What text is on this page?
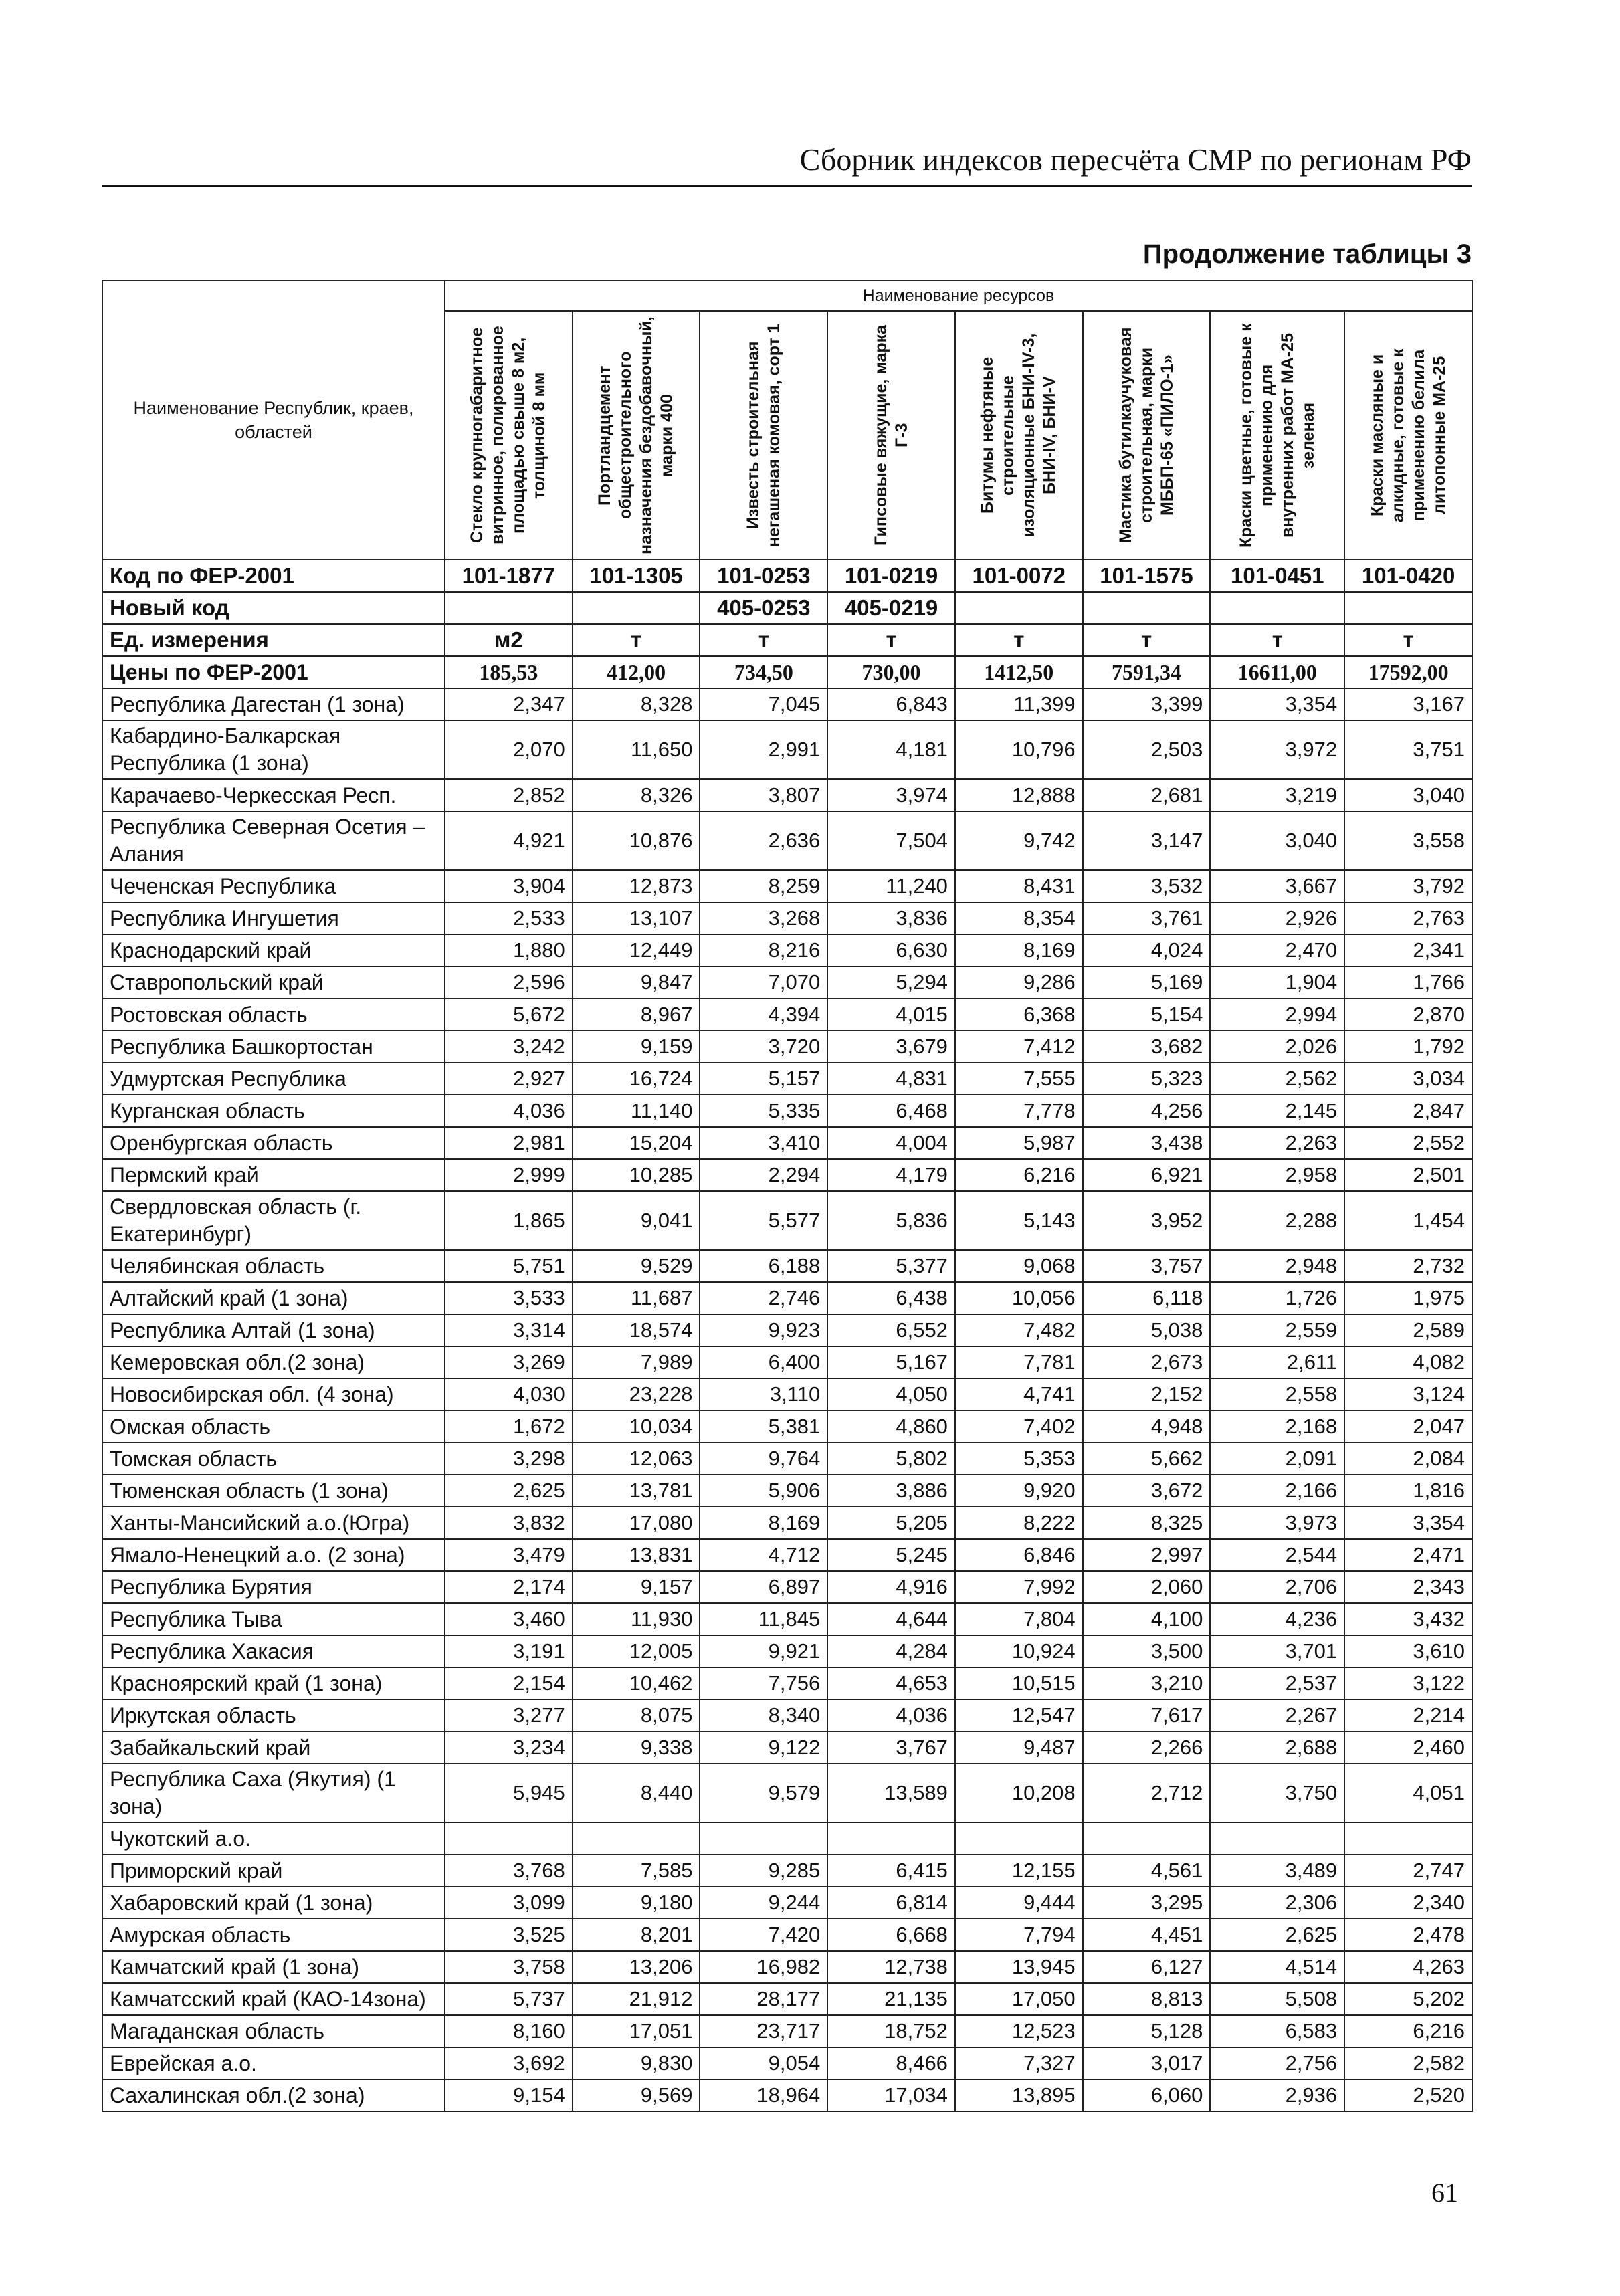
Сборник индексов пересчёта СМР по регионам РФ
Продолжение таблицы 3
Наименование Республик, краев, областей	Наименование ресурсов							

	Стекло крупногабаритное витринное, полированное площадью свыше 8 м2, толщиной 8 мм	Портландцемент общестроительного назначения бездобавочный, марки 400	Известь строительная негашеная комовая, сорт 1	Гипсовые вяжущие, марка Г-3	Битумы нефтяные строительные изоляционные БНИ-IV-3, БНИ-IV, БНИ-V	Мастика бутилкаучуковая строительная, марки МББП-65 «ПИЛО-1»	Краски цветные, готовые к применению для внутренних работ МА-25 зеленая	Краски масляные и алкидные, готовые к применению белила литопонные МА-25

Код по ФЕР-2001	101-1877	101-1305	101-0253	101-0219	101-0072	101-1575	101-0451	101-0420
Новый код			405-0253	405-0219				
Ед. измерения	м2	т	т	т	т	т	т	т
Цены по ФЕР-2001	185,53	412,00	734,50	730,00	1412,50	7591,34	16611,00	17592,00
Республика Дагестан (1 зона)	2,347	8,328	7,045	6,843	11,399	3,399	3,354	3,167
Кабардино-Балкарская Республика (1 зона)	2,070	11,650	2,991	4,181	10,796	2,503	3,972	3,751
Карачаево-Черкесская Респ.	2,852	8,326	3,807	3,974	12,888	2,681	3,219	3,040
Республика Северная Осетия – Алания	4,921	10,876	2,636	7,504	9,742	3,147	3,040	3,558
Чеченская Республика	3,904	12,873	8,259	11,240	8,431	3,532	3,667	3,792
Республика Ингушетия	2,533	13,107	3,268	3,836	8,354	3,761	2,926	2,763
Краснодарский край	1,880	12,449	8,216	6,630	8,169	4,024	2,470	2,341
Ставропольский край	2,596	9,847	7,070	5,294	9,286	5,169	1,904	1,766
Ростовская область	5,672	8,967	4,394	4,015	6,368	5,154	2,994	2,870
Республика Башкортостан	3,242	9,159	3,720	3,679	7,412	3,682	2,026	1,792
Удмуртская Республика	2,927	16,724	5,157	4,831	7,555	5,323	2,562	3,034
Курганская область	4,036	11,140	5,335	6,468	7,778	4,256	2,145	2,847
Оренбургская область	2,981	15,204	3,410	4,004	5,987	3,438	2,263	2,552
Пермский край	2,999	10,285	2,294	4,179	6,216	6,921	2,958	2,501
Свердловская область (г. Екатеринбург)	1,865	9,041	5,577	5,836	5,143	3,952	2,288	1,454
Челябинская область	5,751	9,529	6,188	5,377	9,068	3,757	2,948	2,732
Алтайский край (1 зона)	3,533	11,687	2,746	6,438	10,056	6,118	1,726	1,975
Республика Алтай (1 зона)	3,314	18,574	9,923	6,552	7,482	5,038	2,559	2,589
Кемеровская обл.(2 зона)	3,269	7,989	6,400	5,167	7,781	2,673	2,611	4,082
Новосибирская обл. (4 зона)	4,030	23,228	3,110	4,050	4,741	2,152	2,558	3,124
Омская область	1,672	10,034	5,381	4,860	7,402	4,948	2,168	2,047
Томская область	3,298	12,063	9,764	5,802	5,353	5,662	2,091	2,084
Тюменская область (1 зона)	2,625	13,781	5,906	3,886	9,920	3,672	2,166	1,816
Ханты-Мансийский а.о.(Югра)	3,832	17,080	8,169	5,205	8,222	8,325	3,973	3,354
Ямало-Ненецкий а.о. (2 зона)	3,479	13,831	4,712	5,245	6,846	2,997	2,544	2,471
Республика Бурятия	2,174	9,157	6,897	4,916	7,992	2,060	2,706	2,343
Республика Тыва	3,460	11,930	11,845	4,644	7,804	4,100	4,236	3,432
Республика Хакасия	3,191	12,005	9,921	4,284	10,924	3,500	3,701	3,610
Красноярский край (1 зона)	2,154	10,462	7,756	4,653	10,515	3,210	2,537	3,122
Иркутская область	3,277	8,075	8,340	4,036	12,547	7,617	2,267	2,214
Забайкальский край	3,234	9,338	9,122	3,767	9,487	2,266	2,688	2,460
Республика Саха (Якутия) (1 зона)	5,945	8,440	9,579	13,589	10,208	2,712	3,750	4,051
Чукотский а.о.								
Приморский край	3,768	7,585	9,285	6,415	12,155	4,561	3,489	2,747
Хабаровский край (1 зона)	3,099	9,180	9,244	6,814	9,444	3,295	2,306	2,340
Амурская область	3,525	8,201	7,420	6,668	7,794	4,451	2,625	2,478
Камчатский край (1 зона)	3,758	13,206	16,982	12,738	13,945	6,127	4,514	4,263
Камчатсский край (КАО-14зона)	5,737	21,912	28,177	21,135	17,050	8,813	5,508	5,202
Магаданская область	8,160	17,051	23,717	18,752	12,523	5,128	6,583	6,216
Еврейская а.о.	3,692	9,830	9,054	8,466	7,327	3,017	2,756	2,582
Сахалинская обл.(2 зона)	9,154	9,569	18,964	17,034	13,895	6,060	2,936	2,520
61
